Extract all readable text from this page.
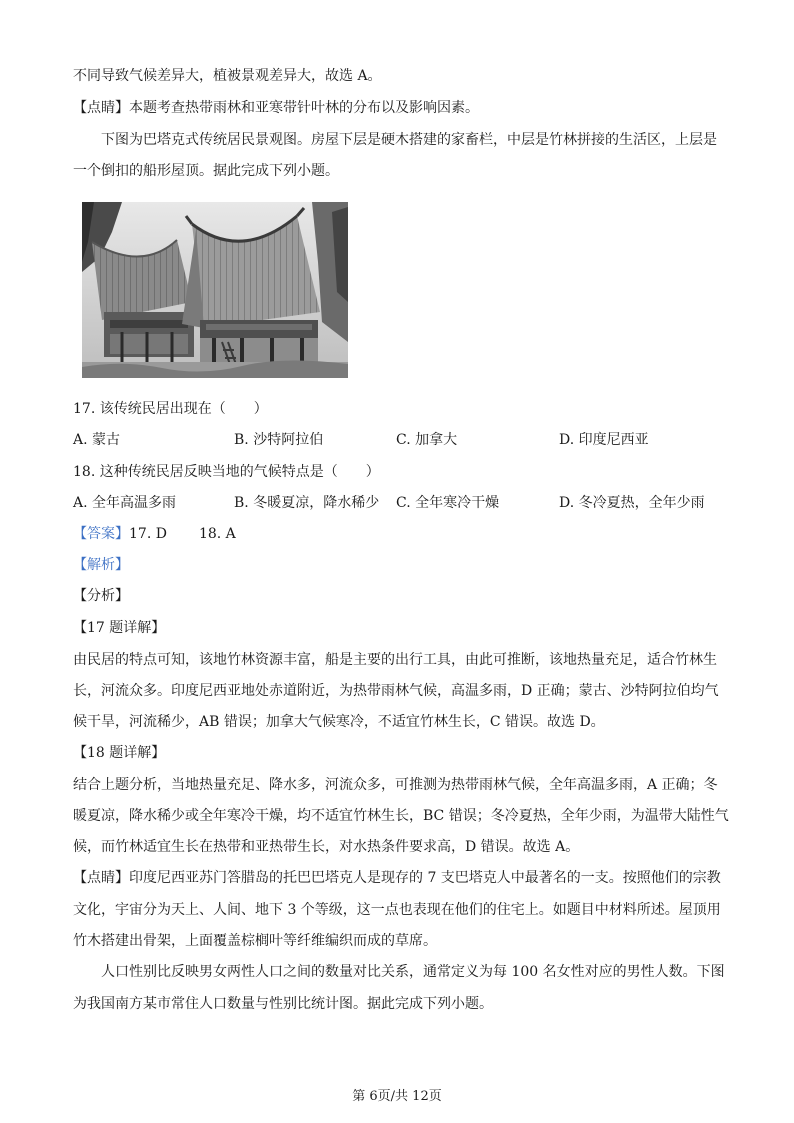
不同导致气候差异大，植被景观差异大，故选 A。
【点睛】本题考查热带雨林和亚寒带针叶林的分布以及影响因素。
下图为巴塔克式传统居民景观图。房屋下层是硬木搭建的家畜栏，中层是竹林拼接的生活区，上层是
一个倒扣的船形屋顶。据此完成下列小题。
17. 该传统民居出现在（　　）
A. 蒙古	B. 沙特阿拉伯	C. 加拿大	D. 印度尼西亚
18. 这种传统民居反映当地的气候特点是（　　）
A. 全年高温多雨	B. 冬暖夏凉，降水稀少 C. 全年寒冷干燥	D. 冬冷夏热，全年少雨
【答案】17. D 18. A
【解析】
【分析】
【17 题详解】
由民居的特点可知，该地竹林资源丰富，船是主要的出行工具，由此可推断，该地热量充足，适合竹林生
长，河流众多。印度尼西亚地处赤道附近，为热带雨林气候，高温多雨，D 正确；蒙古、沙特阿拉伯均气
候干旱，河流稀少，AB 错误；加拿大气候寒冷，不适宜竹林生长，C 错误。故选 D。
【18 题详解】
结合上题分析，当地热量充足、降水多，河流众多，可推测为热带雨林气候，全年高温多雨，A 正确；冬
暖夏凉，降水稀少或全年寒冷干燥，均不适宜竹林生长，BC 错误；冬冷夏热，全年少雨，为温带大陆性气
候，而竹林适宜生长在热带和亚热带生长，对水热条件要求高，D 错误。故选 A。
【点睛】印度尼西亚苏门答腊岛的托巴巴塔克人是现存的 7 支巴塔克人中最著名的一支。按照他们的宗教
文化，宇宙分为天上、人间、地下 3 个等级，这一点也表现在他们的住宅上。如题目中材料所述。屋顶用
竹木搭建出骨架，上面覆盖棕榈叶等纤维编织而成的草席。
人口性别比反映男女两性人口之间的数量对比关系，通常定义为每 100 名女性对应的男性人数。下图
为我国南方某市常住人口数量与性别比统计图。据此完成下列小题。
第 6页/共 12页
